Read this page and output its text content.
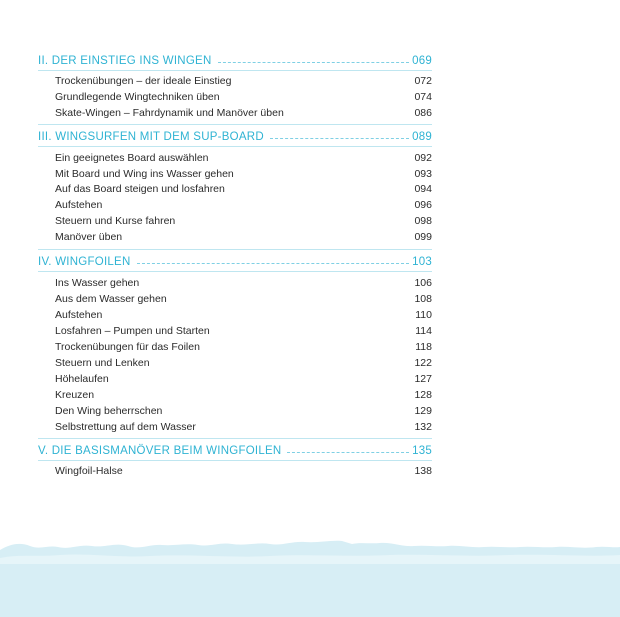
II. DER EINSTIEG INS WINGEN	069
Trockenübungen – der ideale Einstieg	072
Grundlegende Wingtechniken üben	074
Skate-Wingen – Fahrdynamik und Manöver üben	086
III. WINGSURFEN MIT DEM SUP-BOARD	089
Ein geeignetes Board auswählen	092
Mit Board und Wing ins Wasser gehen	093
Auf das Board steigen und losfahren	094
Aufstehen	096
Steuern und Kurse fahren	098
Manöver üben	099
IV. WINGFOILEN	103
Ins Wasser gehen	106
Aus dem Wasser gehen	108
Aufstehen	110
Losfahren – Pumpen und Starten	114
Trockenübungen für das Foilen	118
Steuern und Lenken	122
Höhelaufen	127
Kreuzen	128
Den Wing beherrschen	129
Selbstrettung auf dem Wasser	132
V. DIE BASISMANÖVER BEIM WINGFOILEN	135
Wingfoil-Halse	138
